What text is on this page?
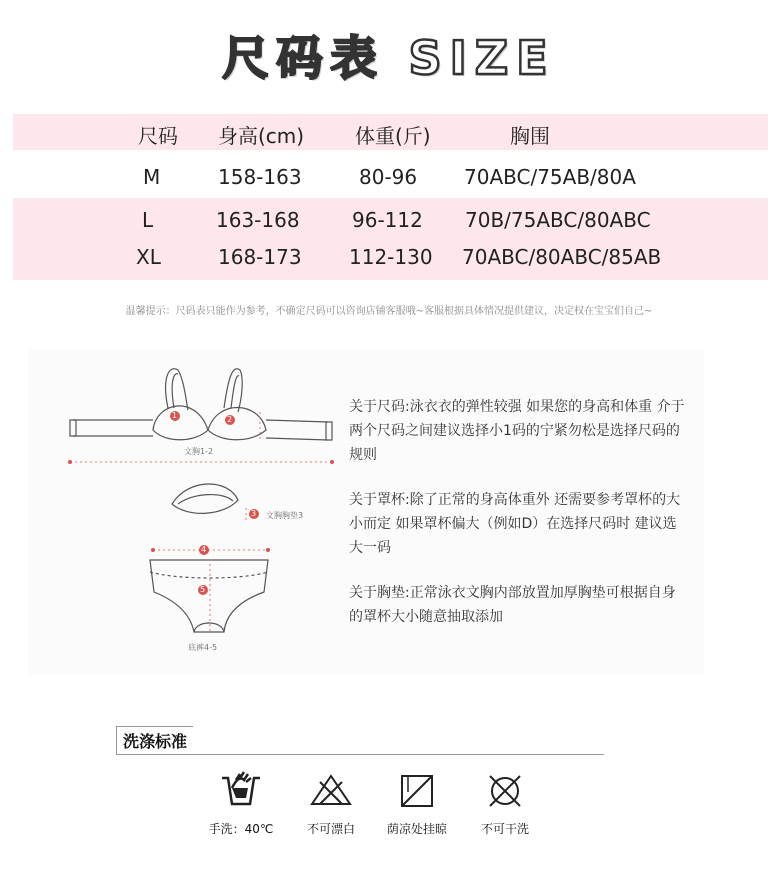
尺码表 SIZE
尺码 身高(cm)	体重(斤)	胸围
M	158-163	80-96 70ABC/75AB/80A
L	163-168	96-112 70B/75ABC/80ABC
XL	168-173 112-130 70ABC/80ABC/85AB
温馨提示：尺码表只能作为参考，不确定尺码可以咨询店铺客服哦~客服根据具体情况提供建议，决定权在宝宝们自己~
1	2
3
4
5
文胸1-2
文胸胸垫3
底裤4-5
关于尺码:泳衣衣的弹性较强 如果您的身高和体重 介于两个尺码之间建议选择小1码的宁紧勿松是选择尺码的规则
关于罩杯:除了正常的身高体重外 还需要参考罩杯的大小而定 如果罩杯偏大（例如D）在选择尺码时 建议选大一码
关于胸垫:正常泳衣文胸内部放置加厚胸垫可根据自身的罩杯大小随意抽取添加
洗涤标准
手洗：40℃	不可漂白	荫凉处挂晾	不可干洗
